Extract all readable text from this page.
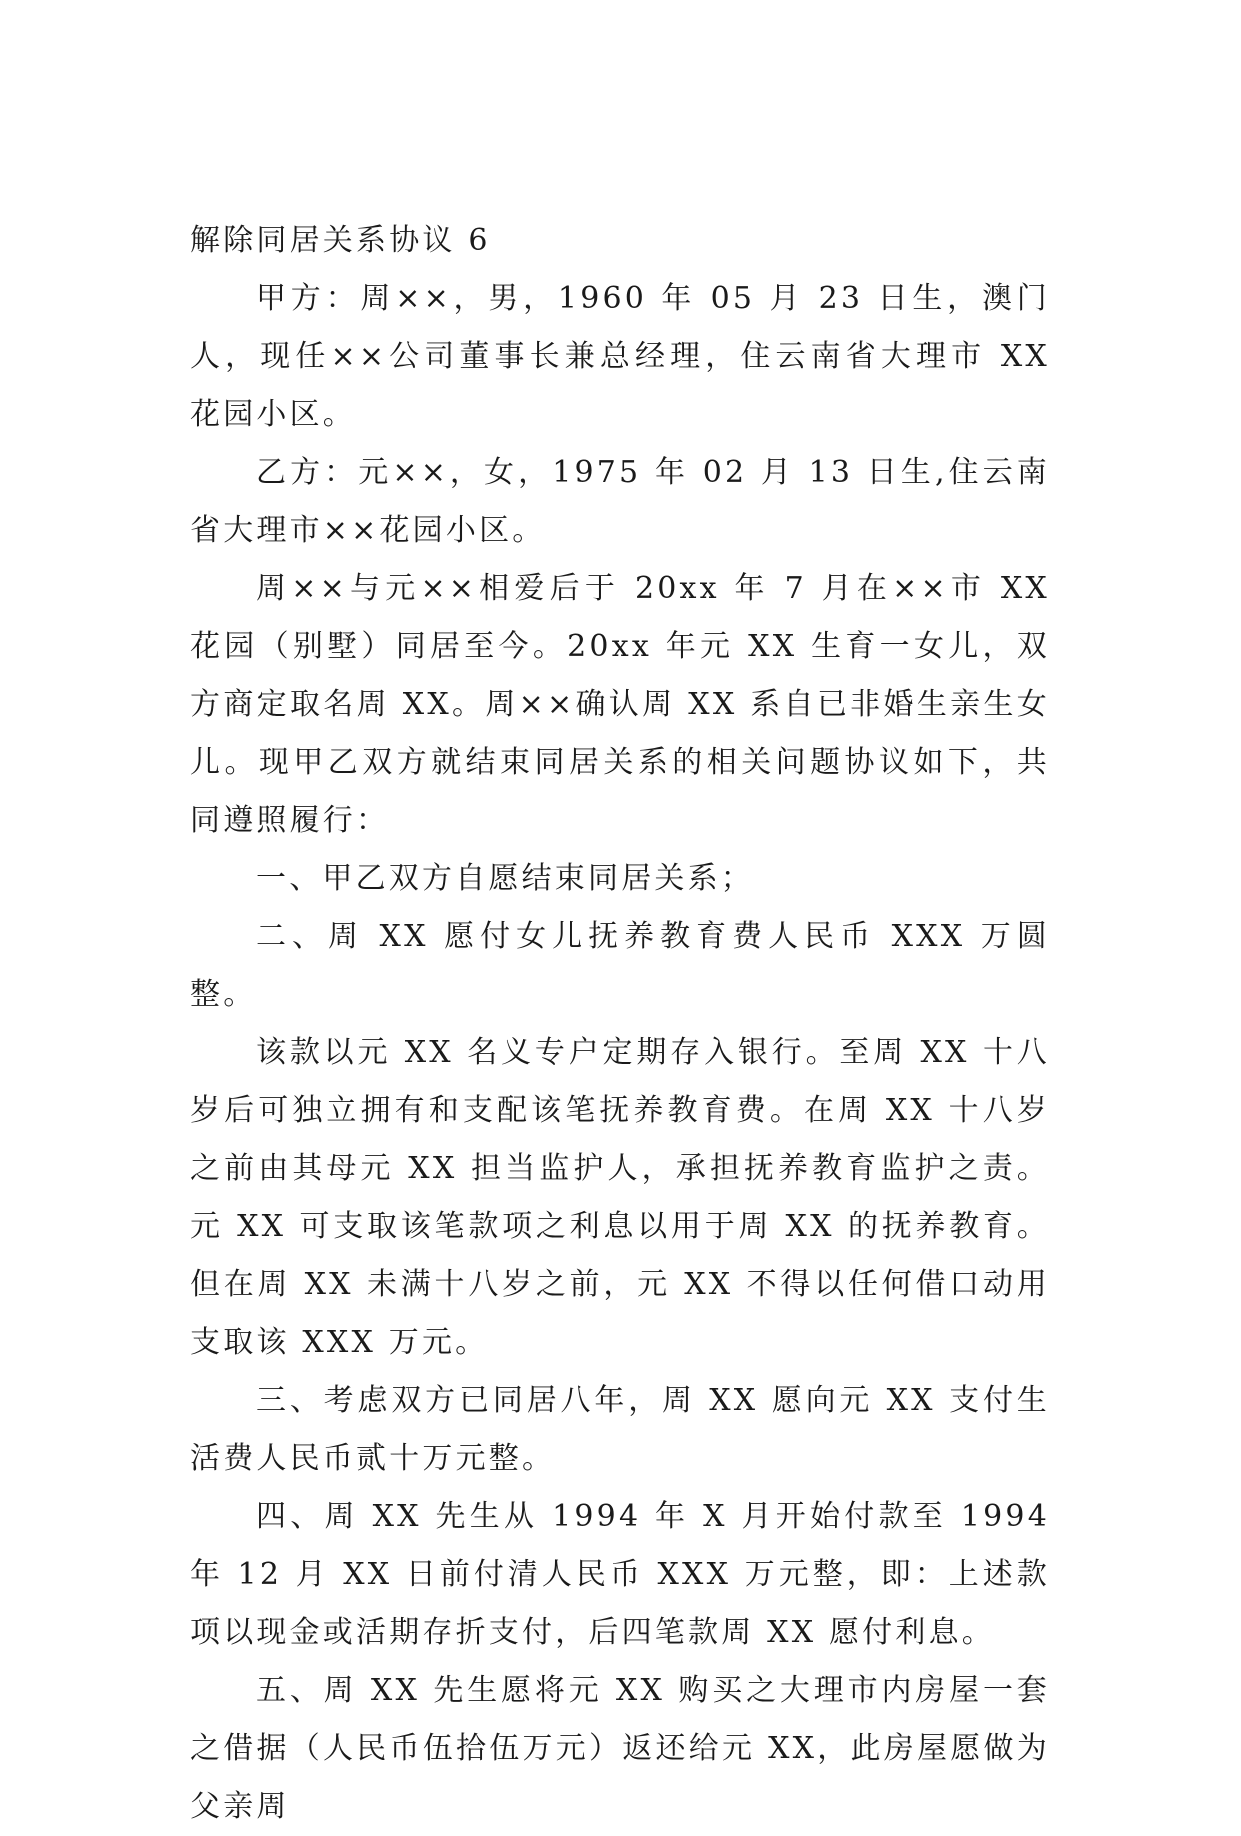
解除同居关系协议 6

甲方：周××，男，1960 年 05 月 23 日生，澳门人，现任××公司董事长兼总经理，住云南省大理市 XX 花园小区。

乙方：元××，女，1975 年 02 月 13 日生,住云南省大理市××花园小区。

周××与元××相爱后于 20xx 年 7 月在××市 XX 花园（别墅）同居至今。20xx 年元 XX 生育一女儿，双方商定取名周 XX。周××确认周 XX 系自已非婚生亲生女儿。现甲乙双方就结束同居关系的相关问题协议如下，共同遵照履行：

一、甲乙双方自愿结束同居关系；

二、周 XX 愿付女儿抚养教育费人民币 XXX 万圆整。

该款以元 XX 名义专户定期存入银行。至周 XX 十八岁后可独立拥有和支配该笔抚养教育费。在周 XX 十八岁之前由其母元 XX 担当监护人，承担抚养教育监护之责。元 XX 可支取该笔款项之利息以用于周 XX 的抚养教育。但在周 XX 未满十八岁之前，元 XX 不得以任何借口动用支取该 XXX 万元。

三、考虑双方已同居八年，周 XX 愿向元 XX 支付生活费人民币贰十万元整。

四、周 XX 先生从 1994 年 X 月开始付款至 1994 年 12 月 XX 日前付清人民币 XXX 万元整，即：上述款项以现金或活期存折支付，后四笔款周 XX 愿付利息。

五、周 XX 先生愿将元 XX 购买之大理市内房屋一套之借据（人民币伍拾伍万元）返还给元 XX，此房屋愿做为父亲周
